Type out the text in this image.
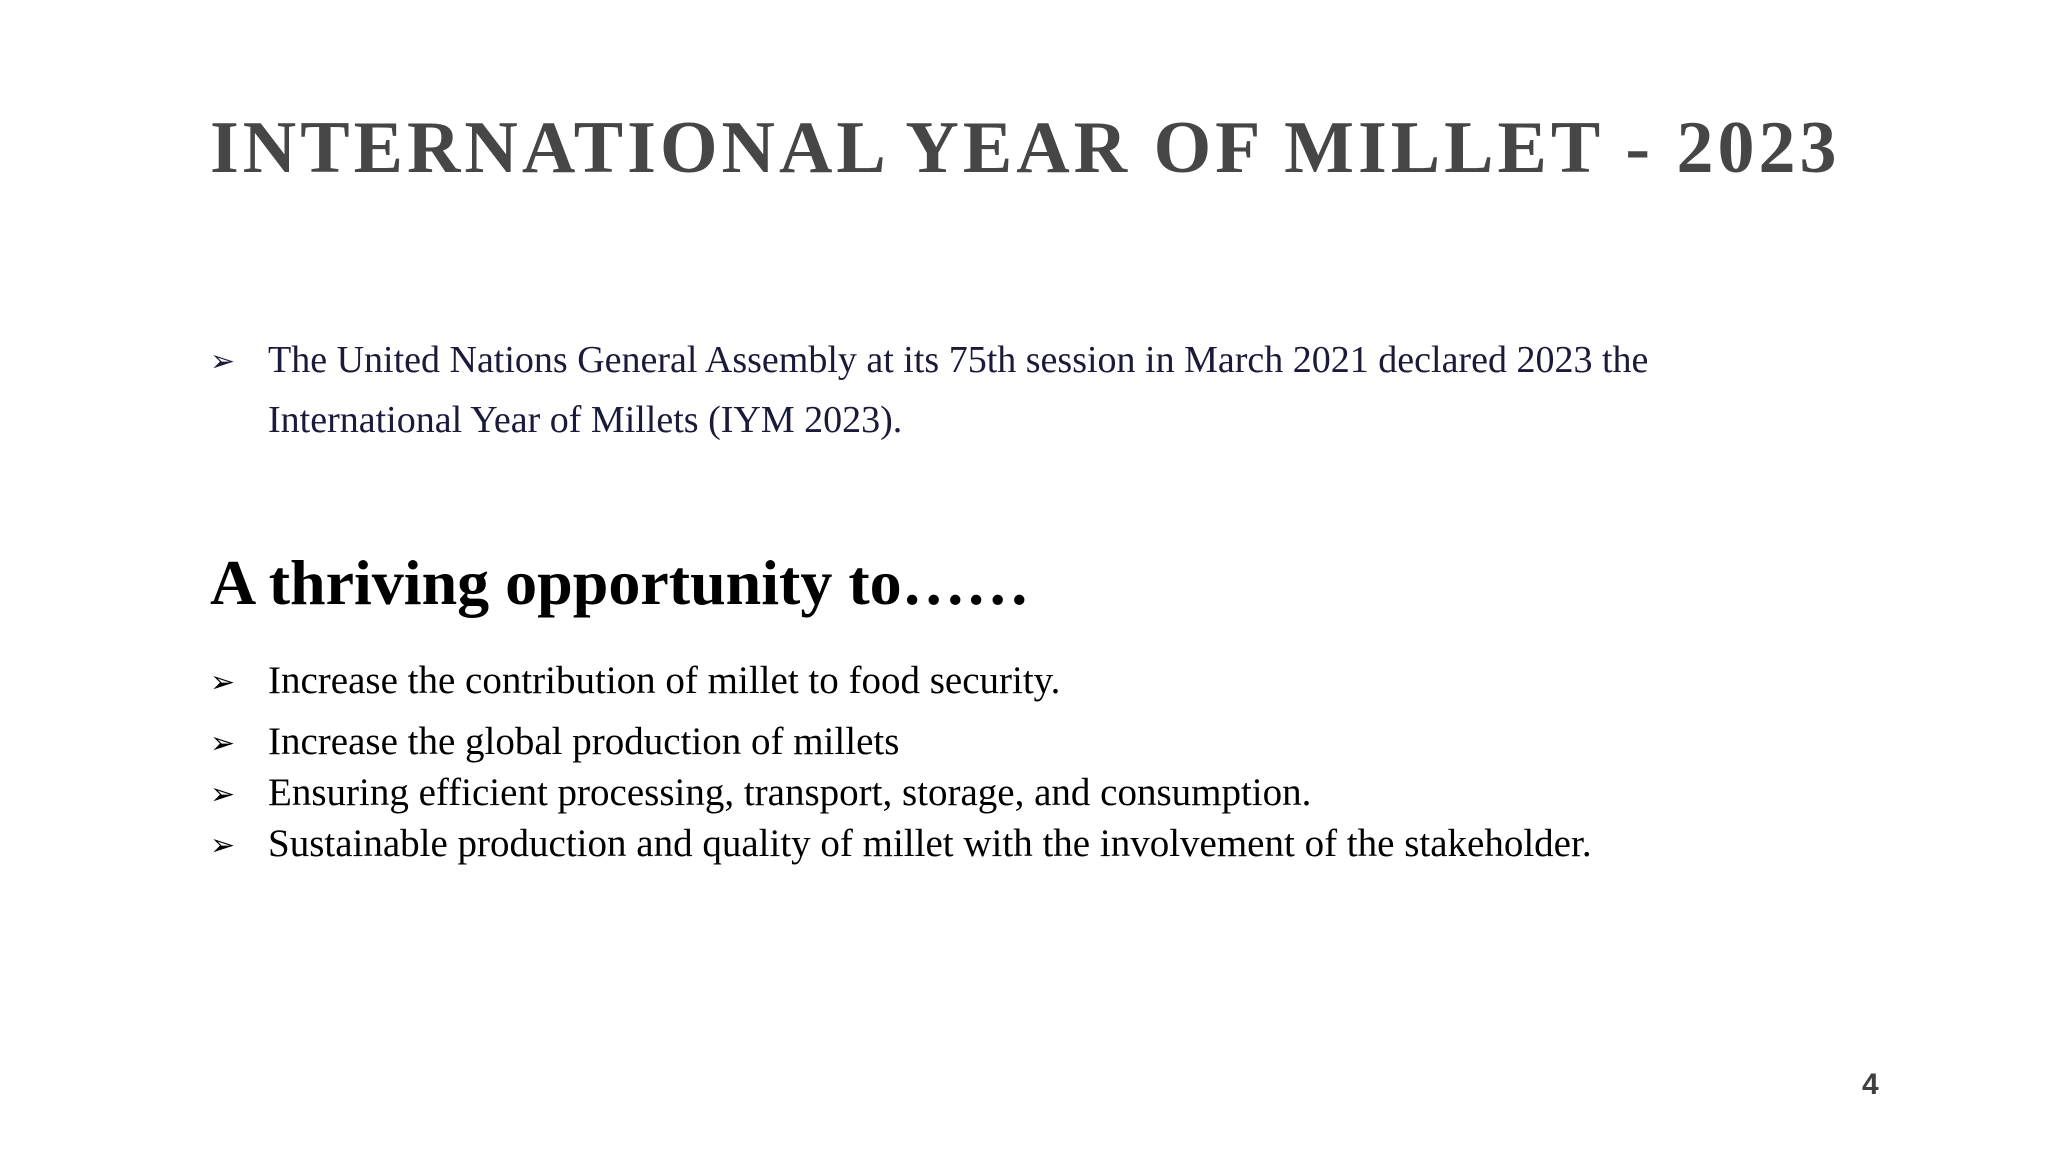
INTERNATIONAL YEAR OF MILLET - 2023
➢ The United Nations General Assembly at its 75th session in March 2021 declared 2023 the International Year of Millets (IYM 2023).
A thriving opportunity to……
➢ Increase the contribution of millet to food security.
➢ Increase the global production of millets
➢ Ensuring efficient processing, transport, storage, and consumption.
➢ Sustainable production and quality of millet with the involvement of the stakeholder.
4
